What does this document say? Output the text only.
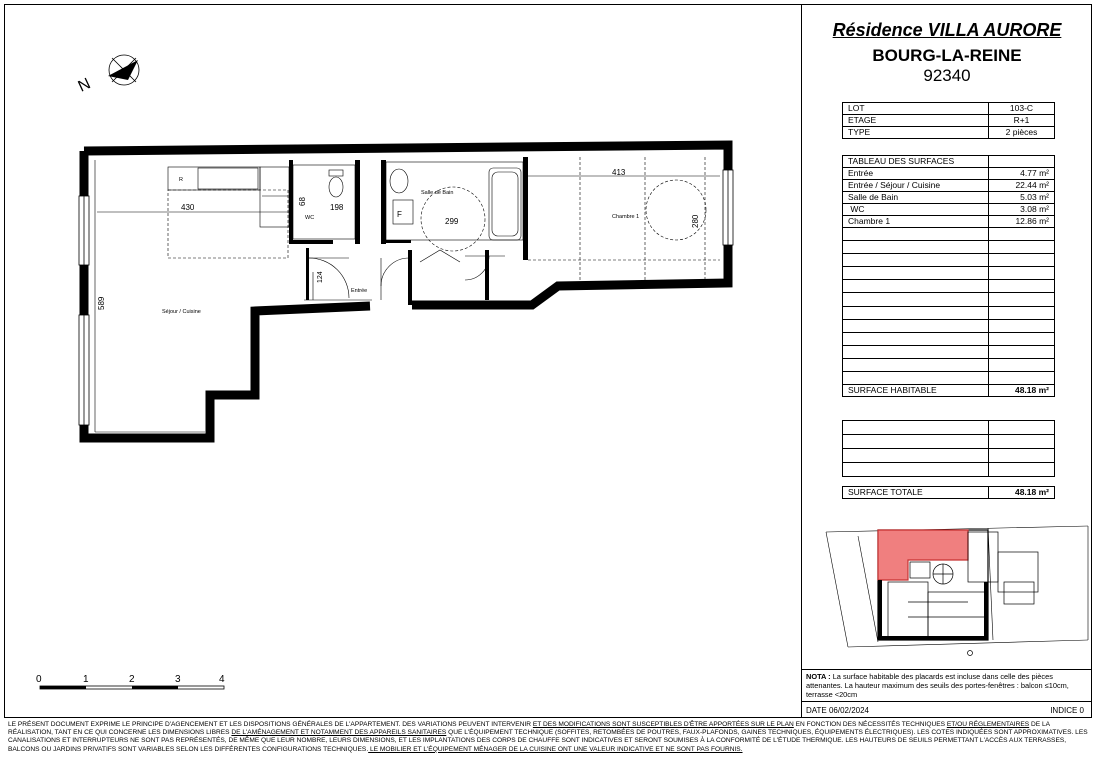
Séjour / Cuisine
Entrée
Salle de Bain
Chambre 1
WC
R
F
430	198
299
413
589
68
280
124
N
0	1	2	3	4
Résidence VILLA AURORE
BOURG-LA-REINE
92340
LOT	103-C
ETAGE	R+1
TYPE	2 pièces
TABLEAU DES SURFACES	
Entrée	4.77 m²
Entrée / Séjour / Cuisine	22.44 m²
Salle de Bain	5.03 m²
WC	3.08 m²
Chambre 1	12.86 m²

SURFACE HABITABLE	48.18 m²

SURFACE TOTALE	48.18 m²
NOTA : La surface habitable des placards est incluse dans celle des pièces attenantes. La hauteur maximum des seuils des portes-fenêtres : balcon ≤10cm, terrasse <20cm
DATE 06/02/2024	INDICE 0
LE PRÉSENT DOCUMENT EXPRIME LE PRINCIPE D'AGENCEMENT ET LES DISPOSITIONS GÉNÉRALES DE L'APPARTEMENT. DES VARIATIONS PEUVENT INTERVENIR ET DES MODIFICATIONS SONT SUSCEPTIBLES D'ÊTRE APPORTÉES SUR LE PLAN EN FONCTION DES NÉCESSITÉS TECHNIQUES ET/OU RÉGLEMENTAIRES DE LA RÉALISATION, TANT EN CE QUI CONCERNE LES DIMENSIONS LIBRES DE L'AMÉNAGEMENT ET NOTAMMENT DES APPAREILS SANITAIRES QUE L'ÉQUIPEMENT TECHNIQUE (SOFFITES, RETOMBÉES DE POUTRES, FAUX-PLAFONDS, GAINES TECHNIQUES, ÉQUIPEMENTS ÉLECTRIQUES). LES COTES INDIQUÉES SONT APPROXIMATIVES. LES CANALISATIONS ET INTERRUPTEURS NE SONT PAS REPRÉSENTÉS, DE MÊME QUE LEUR NOMBRE, LEURS DIMENSIONS, ET LES IMPLANTATIONS DES CORPS DE CHAUFFE SONT INDICATIVES ET SERONT SOUMISES À LA CONFORMITÉ DE L'ÉTUDE THERMIQUE. LES HAUTEURS DE SEUILS PERMETTANT L'ACCÈS AUX TERRASSES, BALCONS OU JARDINS PRIVATIFS SONT VARIABLES SELON LES DIFFÉRENTES CONFIGURATIONS TECHNIQUES. LE MOBILIER ET L'ÉQUIPEMENT MÉNAGER DE LA CUISINE ONT UNE VALEUR INDICATIVE ET NE SONT PAS FOURNIS.
